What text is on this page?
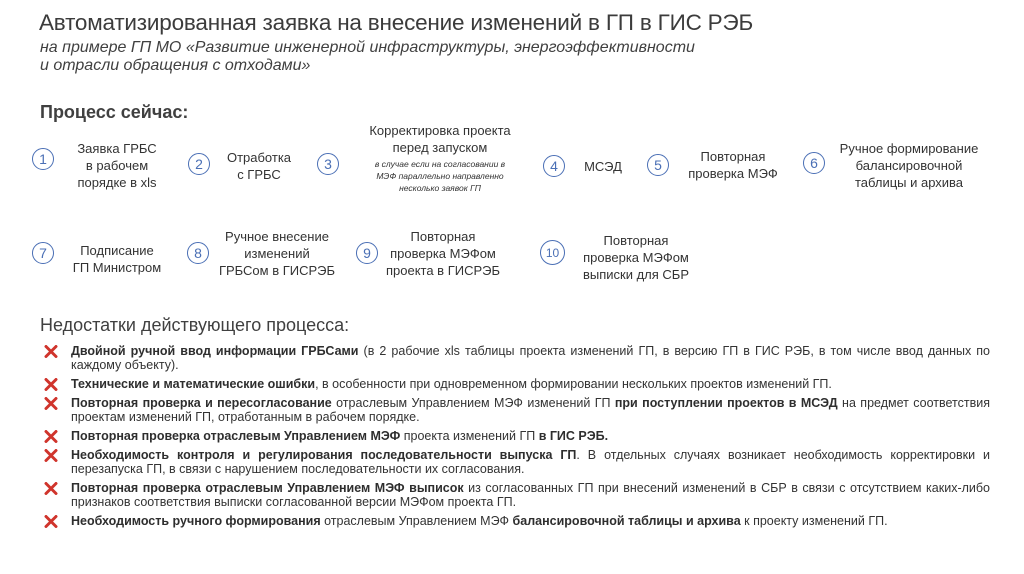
Автоматизированная заявка на внесение изменений в ГП в ГИС РЭБ
на примере ГП МО «Развитие инженерной инфраструктуры, энергоэффективности
и отрасли обращения с отходами»
Процесс сейчас:
1
Заявка ГРБС
в рабочем
порядке в xls
2	Отработка
с ГРБС
3
Корректировка проекта
перед запуском
в случае если на согласовании в
МЭФ параллельно направленно
несколько заявок ГП
4	МСЭД	5
Повторная
проверка МЭФ
6
Ручное формирование
балансировочной
таблицы и архива
7	Подписание
ГП Министром
8
Ручное внесение
изменений
ГРБСом в ГИСРЭБ
9
Повторная
проверка МЭФом
проекта в ГИСРЭБ
10
Повторная
проверка МЭФом
выписки для СБР
Недостатки действующего процесса:
Двойной ручной ввод информации ГРБСами (в 2 рабочие xls таблицы проекта изменений ГП, в версию ГП в ГИС РЭБ, в том числе ввод данных по каждому объекту).
Технические и математические ошибки, в особенности при одновременном формировании нескольких проектов изменений ГП.
Повторная проверка и пересогласование отраслевым Управлением МЭФ изменений ГП при поступлении проектов в МСЭД на предмет соответствия проектам изменений ГП, отработанным в рабочем порядке.
Повторная проверка отраслевым Управлением МЭФ проекта изменений ГП в ГИС РЭБ.
Необходимость контроля и регулирования последовательности выпуска ГП. В отдельных случаях возникает необходимость корректировки и перезапуска ГП, в связи с нарушением последовательности их согласования.
Повторная проверка отраслевым Управлением МЭФ выписок из согласованных ГП при внесений изменений в СБР в связи с отсутствием каких-либо признаков соответствия выписки согласованной версии МЭФом проекта ГП.
Необходимость ручного формирования отраслевым Управлением МЭФ балансировочной таблицы и архива к проекту изменений ГП.
